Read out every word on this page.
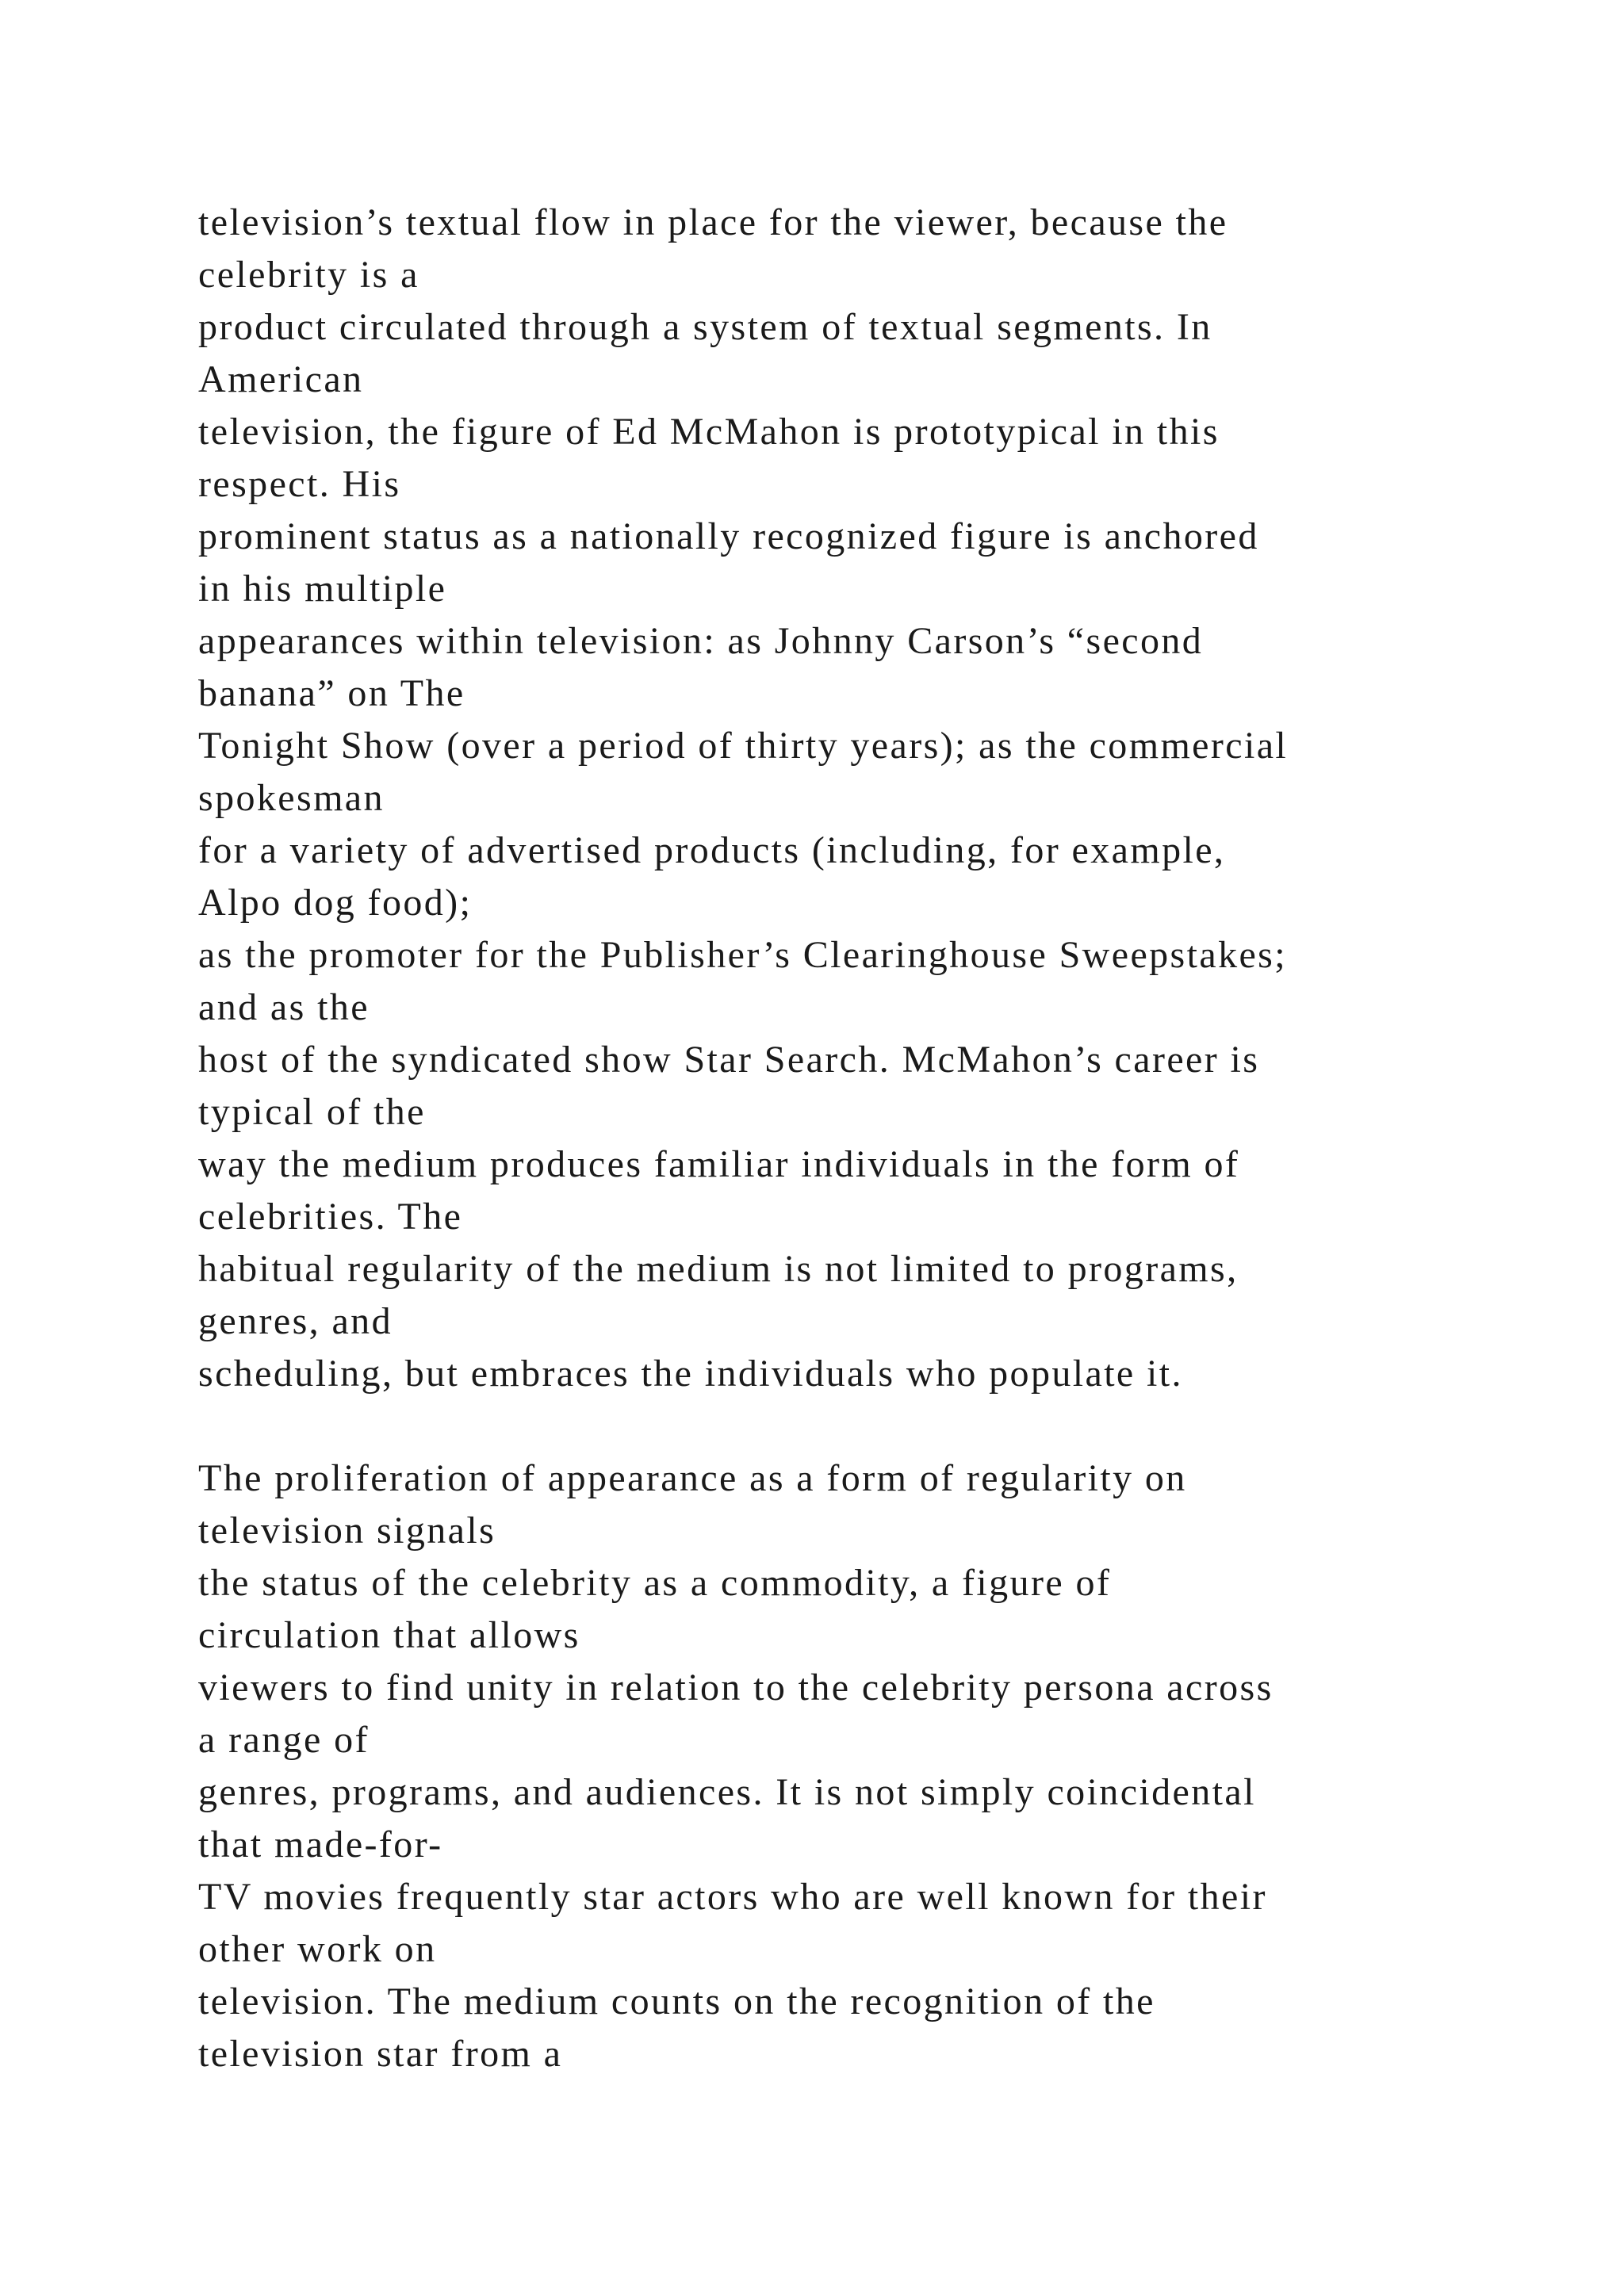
television’s textual flow in place for the viewer, because the
celebrity is a
product circulated through a system of textual segments. In
American
television, the figure of Ed McMahon is prototypical in this
respect. His
prominent status as a nationally recognized figure is anchored
in his multiple
appearances within television: as Johnny Carson’s “second
banana” on The
Tonight Show (over a period of thirty years); as the commercial
spokesman
for a variety of advertised products (including, for example,
Alpo dog food);
as the promoter for the Publisher’s Clearinghouse Sweepstakes;
and as the
host of the syndicated show Star Search. McMahon’s career is
typical of the
way the medium produces familiar individuals in the form of
celebrities. The
habitual regularity of the medium is not limited to programs,
genres, and
scheduling, but embraces the individuals who populate it.
The proliferation of appearance as a form of regularity on
television signals
the status of the celebrity as a commodity, a figure of
circulation that allows
viewers to find unity in relation to the celebrity persona across
a range of
genres, programs, and audiences. It is not simply coincidental
that made-for-
TV movies frequently star actors who are well known for their
other work on
television. The medium counts on the recognition of the
television star from a
